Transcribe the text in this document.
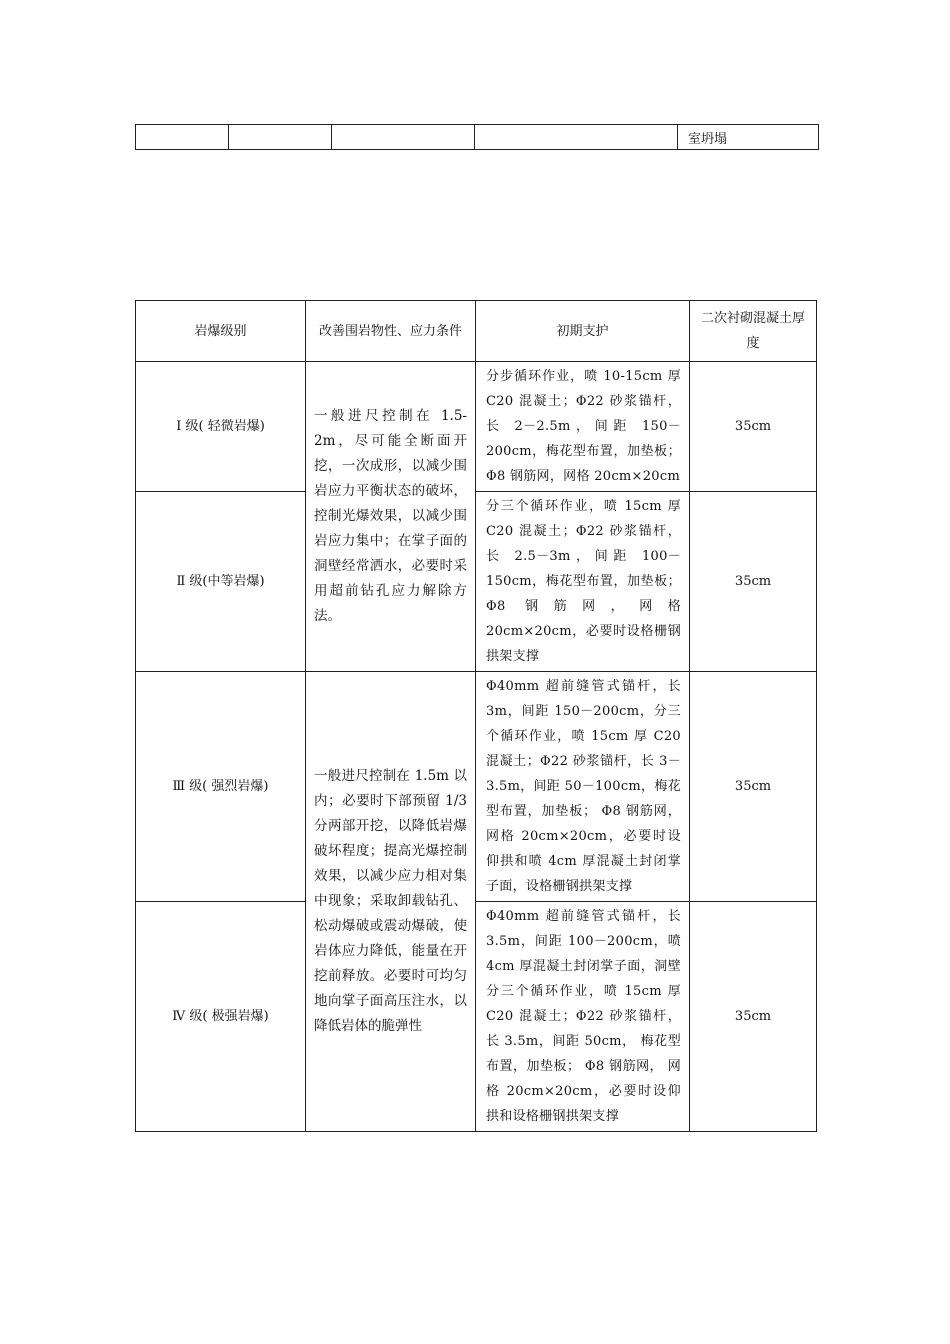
				室坍塌
岩爆级别	改善围岩物性、应力条件	初期支护	二次衬砌混凝土厚度
Ⅰ 级( 轻微岩爆)	一般进尺控制在 1.5-2m，尽可能全断面开挖，一次成形，以减少围岩应力平衡状态的破坏，控制光爆效果，以减少围岩应力集中；在掌子面的洞壁经常洒水，必要时采用超前钻孔应力解除方法。	分步循环作业，喷 10-15cm 厚 C20 混凝土；Φ22 砂浆锚杆，长 2－2.5m，间距 150－200cm，梅花型布置，加垫板；Φ8 钢筋网，网格 20cm×20cm	35cm
Ⅱ 级(中等岩爆)		分三个循环作业，喷 15cm 厚 C20 混凝土；Φ22 砂浆锚杆，长 2.5－3m，间距 100－150cm，梅花型布置，加垫板； Φ8 钢筋网，网格 20cm×20cm，必要时设格栅钢拱架支撑	35cm
Ⅲ 级( 强烈岩爆)	一般进尺控制在 1.5m 以内；必要时下部预留 1/3 分两部开挖，以降低岩爆破坏程度；提高光爆控制效果，以减少应力相对集中现象；采取卸载钻孔、松动爆破或震动爆破，使岩体应力降低，能量在开挖前释放。必要时可均匀地向掌子面高压注水，以降低岩体的脆弹性	Φ40mm 超前缝管式锚杆，长 3m，间距 150－200cm，分三个循环作业，喷 15cm 厚 C20 混凝土；Φ22 砂浆锚杆，长 3－3.5m，间距 50－100cm，梅花型布置，加垫板； Φ8 钢筋网， 网格 20cm×20cm，必要时设仰拱和喷 4cm 厚混凝土封闭掌子面，设格栅钢拱架支撑	35cm
Ⅳ 级( 极强岩爆)		Φ40mm 超前缝管式锚杆，长 3.5m，间距 100－200cm，喷 4cm 厚混凝土封闭掌子面，洞壁分三个循环作业，喷 15cm 厚 C20 混凝土；Φ22 砂浆锚杆，长 3.5m，间距 50cm， 梅花型布置，加垫板； Φ8 钢筋网， 网格 20cm×20cm，必要时设仰拱和设格栅钢拱架支撑	35cm
